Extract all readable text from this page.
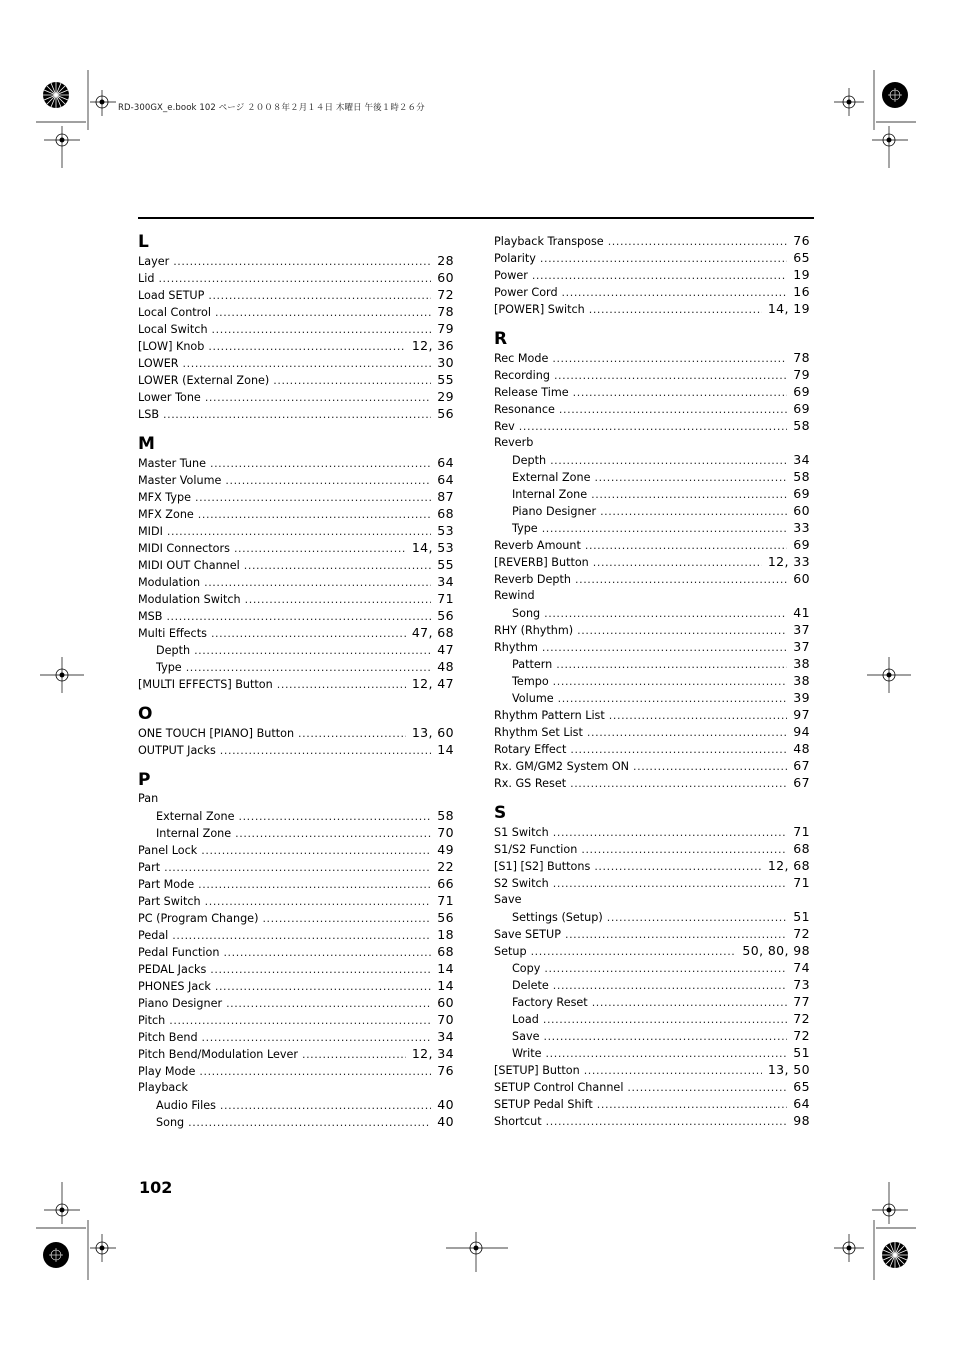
RD-300GX_e.book 102 ページ ２００８年２月１４日 木曜日 午後１時２６分
L
Layer .....	28
Lid .....	60
Load SETUP .....	72
Local Control .....	78
Local Switch .....	79
[LOW] Knob .....	12, 36
LOWER .....	30
LOWER (External Zone) .....	55
Lower Tone .....	29
LSB .....	56
M
Master Tune .....	64
Master Volume .....	64
MFX Type .....	87
MFX Zone .....	68
MIDI .....	53
MIDI Connectors .....	14, 53
MIDI OUT Channel .....	55
Modulation .....	34
Modulation Switch .....	71
MSB .....	56
Multi Effects .....	47, 68
Depth .....	47
Type .....	48
[MULTI EFFECTS] Button .....	12, 47
O
ONE TOUCH [PIANO] Button .....	13, 60
OUTPUT Jacks .....	14
P
Pan
External Zone .....	58
Internal Zone .....	70
Panel Lock .....	49
Part .....	22
Part Mode .....	66
Part Switch .....	71
PC (Program Change) .....	56
Pedal .....	18
Pedal Function .....	68
PEDAL Jacks .....	14
PHONES Jack .....	14
Piano Designer .....	60
Pitch .....	70
Pitch Bend .....	34
Pitch Bend/Modulation Lever .....	12, 34
Play Mode .....	76
Playback
Audio Files .....	40
Song .....	40
Playback Transpose .....	76
Polarity .....	65
Power .....	19
Power Cord .....	16
[POWER] Switch .....	14, 19
R
Rec Mode .....	78
Recording .....	79
Release Time .....	69
Resonance .....	69
Rev .....	58
Reverb
Depth .....	34
External Zone .....	58
Internal Zone .....	69
Piano Designer .....	60
Type .....	33
Reverb Amount .....	69
[REVERB] Button .....	12, 33
Reverb Depth .....	60
Rewind
Song .....	41
RHY (Rhythm) .....	37
Rhythm .....	37
Pattern .....	38
Tempo .....	38
Volume .....	39
Rhythm Pattern List .....	97
Rhythm Set List .....	94
Rotary Effect .....	48
Rx. GM/GM2 System ON .....	67
Rx. GS Reset .....	67
S
S1 Switch .....	71
S1/S2 Function .....	68
[S1] [S2] Buttons .....	12, 68
S2 Switch .....	71
Save
Settings (Setup) .....	51
Save SETUP .....	72
Setup .....	50, 80, 98
Copy .....	74
Delete .....	73
Factory Reset .....	77
Load .....	72
Save .....	72
Write .....	51
[SETUP] Button .....	13, 50
SETUP Control Channel .....	65
SETUP Pedal Shift .....	64
Shortcut .....	98
102
